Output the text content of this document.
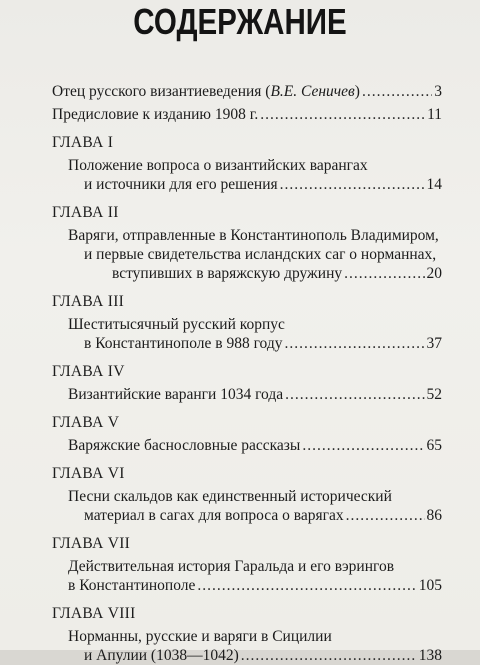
СОДЕРЖАНИЕ
Отец русского византиеведения (В.Е. Сеничев) .....	3
Предисловие к изданию 1908 г. .....	11
ГЛАВА I
Положение вопроса о византийских варангах
и источники для его решения .....	14
ГЛАВА II
Варяги, отправленные в Константинополь Владимиром,
и первые свидетельства исландских саг о норманнах,
вступивших в варяжскую дружину .....	20
ГЛАВА III
Шеститысячный русский корпус
в Константинополе в 988 году .....	37
ГЛАВА IV
Византийские варанги 1034 года .....	52
ГЛАВА V
Варяжские баснословные рассказы .....	65
ГЛАВА VI
Песни скальдов как единственный исторический
материал в сагах для вопроса о варягах .....	86
ГЛАВА VII
Действительная история Гаральда и его вэрингов
в Константинополе .....	105
ГЛАВА VIII
Норманны, русские и варяги в Сицилии
и Апулии (1038—1042) .....	138
